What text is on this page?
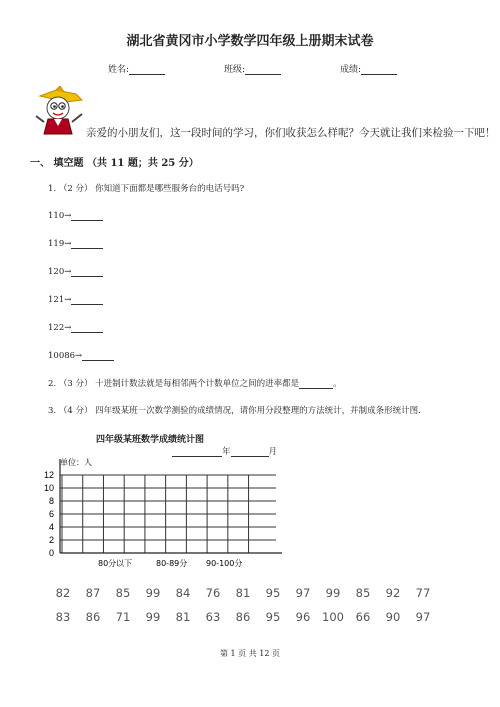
湖北省黄冈市小学数学四年级上册期末试卷
姓名:	班级:	成绩:
亲爱的小朋友们，这一段时间的学习，你们收获怎么样呢？今天就让我们来检验一下吧！
一、 填空题 （共 11 题；共 25 分）
1. （2 分） 你知道下面都是哪些服务台的电话号吗?
110→
119→
120→
121→
122→
10086→
2. （3 分） 十进制计数法就是每相邻两个计数单位之间的进率都是	。
3. （4 分） 四年级某班一次数学测验的成绩情况，请你用分段整理的方法统计，并制成条形统计图.
四年级某班数学成绩统计图
年	月
0
2
4
6
8
10
12
80分以下	80-89分 90-100分
单位：人
82 87 85 99 84 76 81 95 97 99 85 92 77
83 86 71 99 81 63 86 95 96 100 66 90 97
第 1 页 共 12 页
